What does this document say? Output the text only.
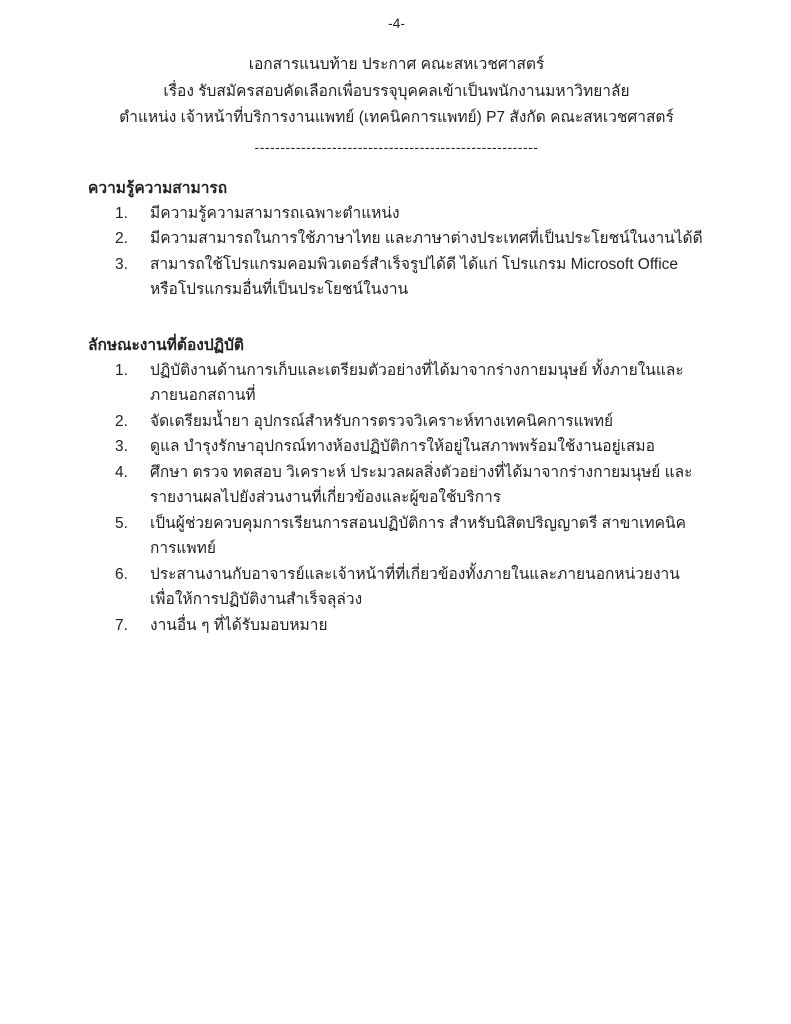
-4-

เอกสารแนบท้าย ประกาศ คณะสหเวชศาสตร์

เรื่อง รับสมัครสอบคัดเลือกเพื่อบรรจุบุคคลเข้าเป็นพนักงานมหาวิทยาลัย

ตำแหน่ง เจ้าหน้าที่บริการงานแพทย์ (เทคนิคการแพทย์) P7 สังกัด คณะสหเวชศาสตร์

-------------------------------------------------------
ความรู้ความสามารถ
1.	มีความรู้ความสามารถเฉพาะตำแหน่ง
2.	มีความสามารถในการใช้ภาษาไทย และภาษาต่างประเทศที่เป็นประโยชน์ในงานได้ดี
3.	สามารถใช้โปรแกรมคอมพิวเตอร์สำเร็จรูปได้ดี ได้แก่ โปรแกรม Microsoft Office หรือโปรแกรมอื่นที่เป็นประโยชน์ในงาน
ลักษณะงานที่ต้องปฏิบัติ
1.	ปฏิบัติงานด้านการเก็บและเตรียมตัวอย่างที่ได้มาจากร่างกายมนุษย์ ทั้งภายในและภายนอกสถานที่
2.	จัดเตรียมน้ำยา อุปกรณ์สำหรับการตรวจวิเคราะห์ทางเทคนิคการแพทย์
3.	ดูแล บำรุงรักษาอุปกรณ์ทางห้องปฏิบัติการให้อยู่ในสภาพพร้อมใช้งานอยู่เสมอ
4.	ศึกษา ตรวจ ทดสอบ วิเคราะห์ ประมวลผลสิ่งตัวอย่างที่ได้มาจากร่างกายมนุษย์ และรายงานผลไปยังส่วนงานที่เกี่ยวข้องและผู้ขอใช้บริการ
5.	เป็นผู้ช่วยควบคุมการเรียนการสอนปฏิบัติการ สำหรับนิสิตปริญญาตรี สาขาเทคนิคการแพทย์
6.	ประสานงานกับอาจารย์และเจ้าหน้าที่ที่เกี่ยวข้องทั้งภายในและภายนอกหน่วยงาน เพื่อให้การปฏิบัติงานสำเร็จลุล่วง
7.	งานอื่น ๆ ที่ได้รับมอบหมาย
